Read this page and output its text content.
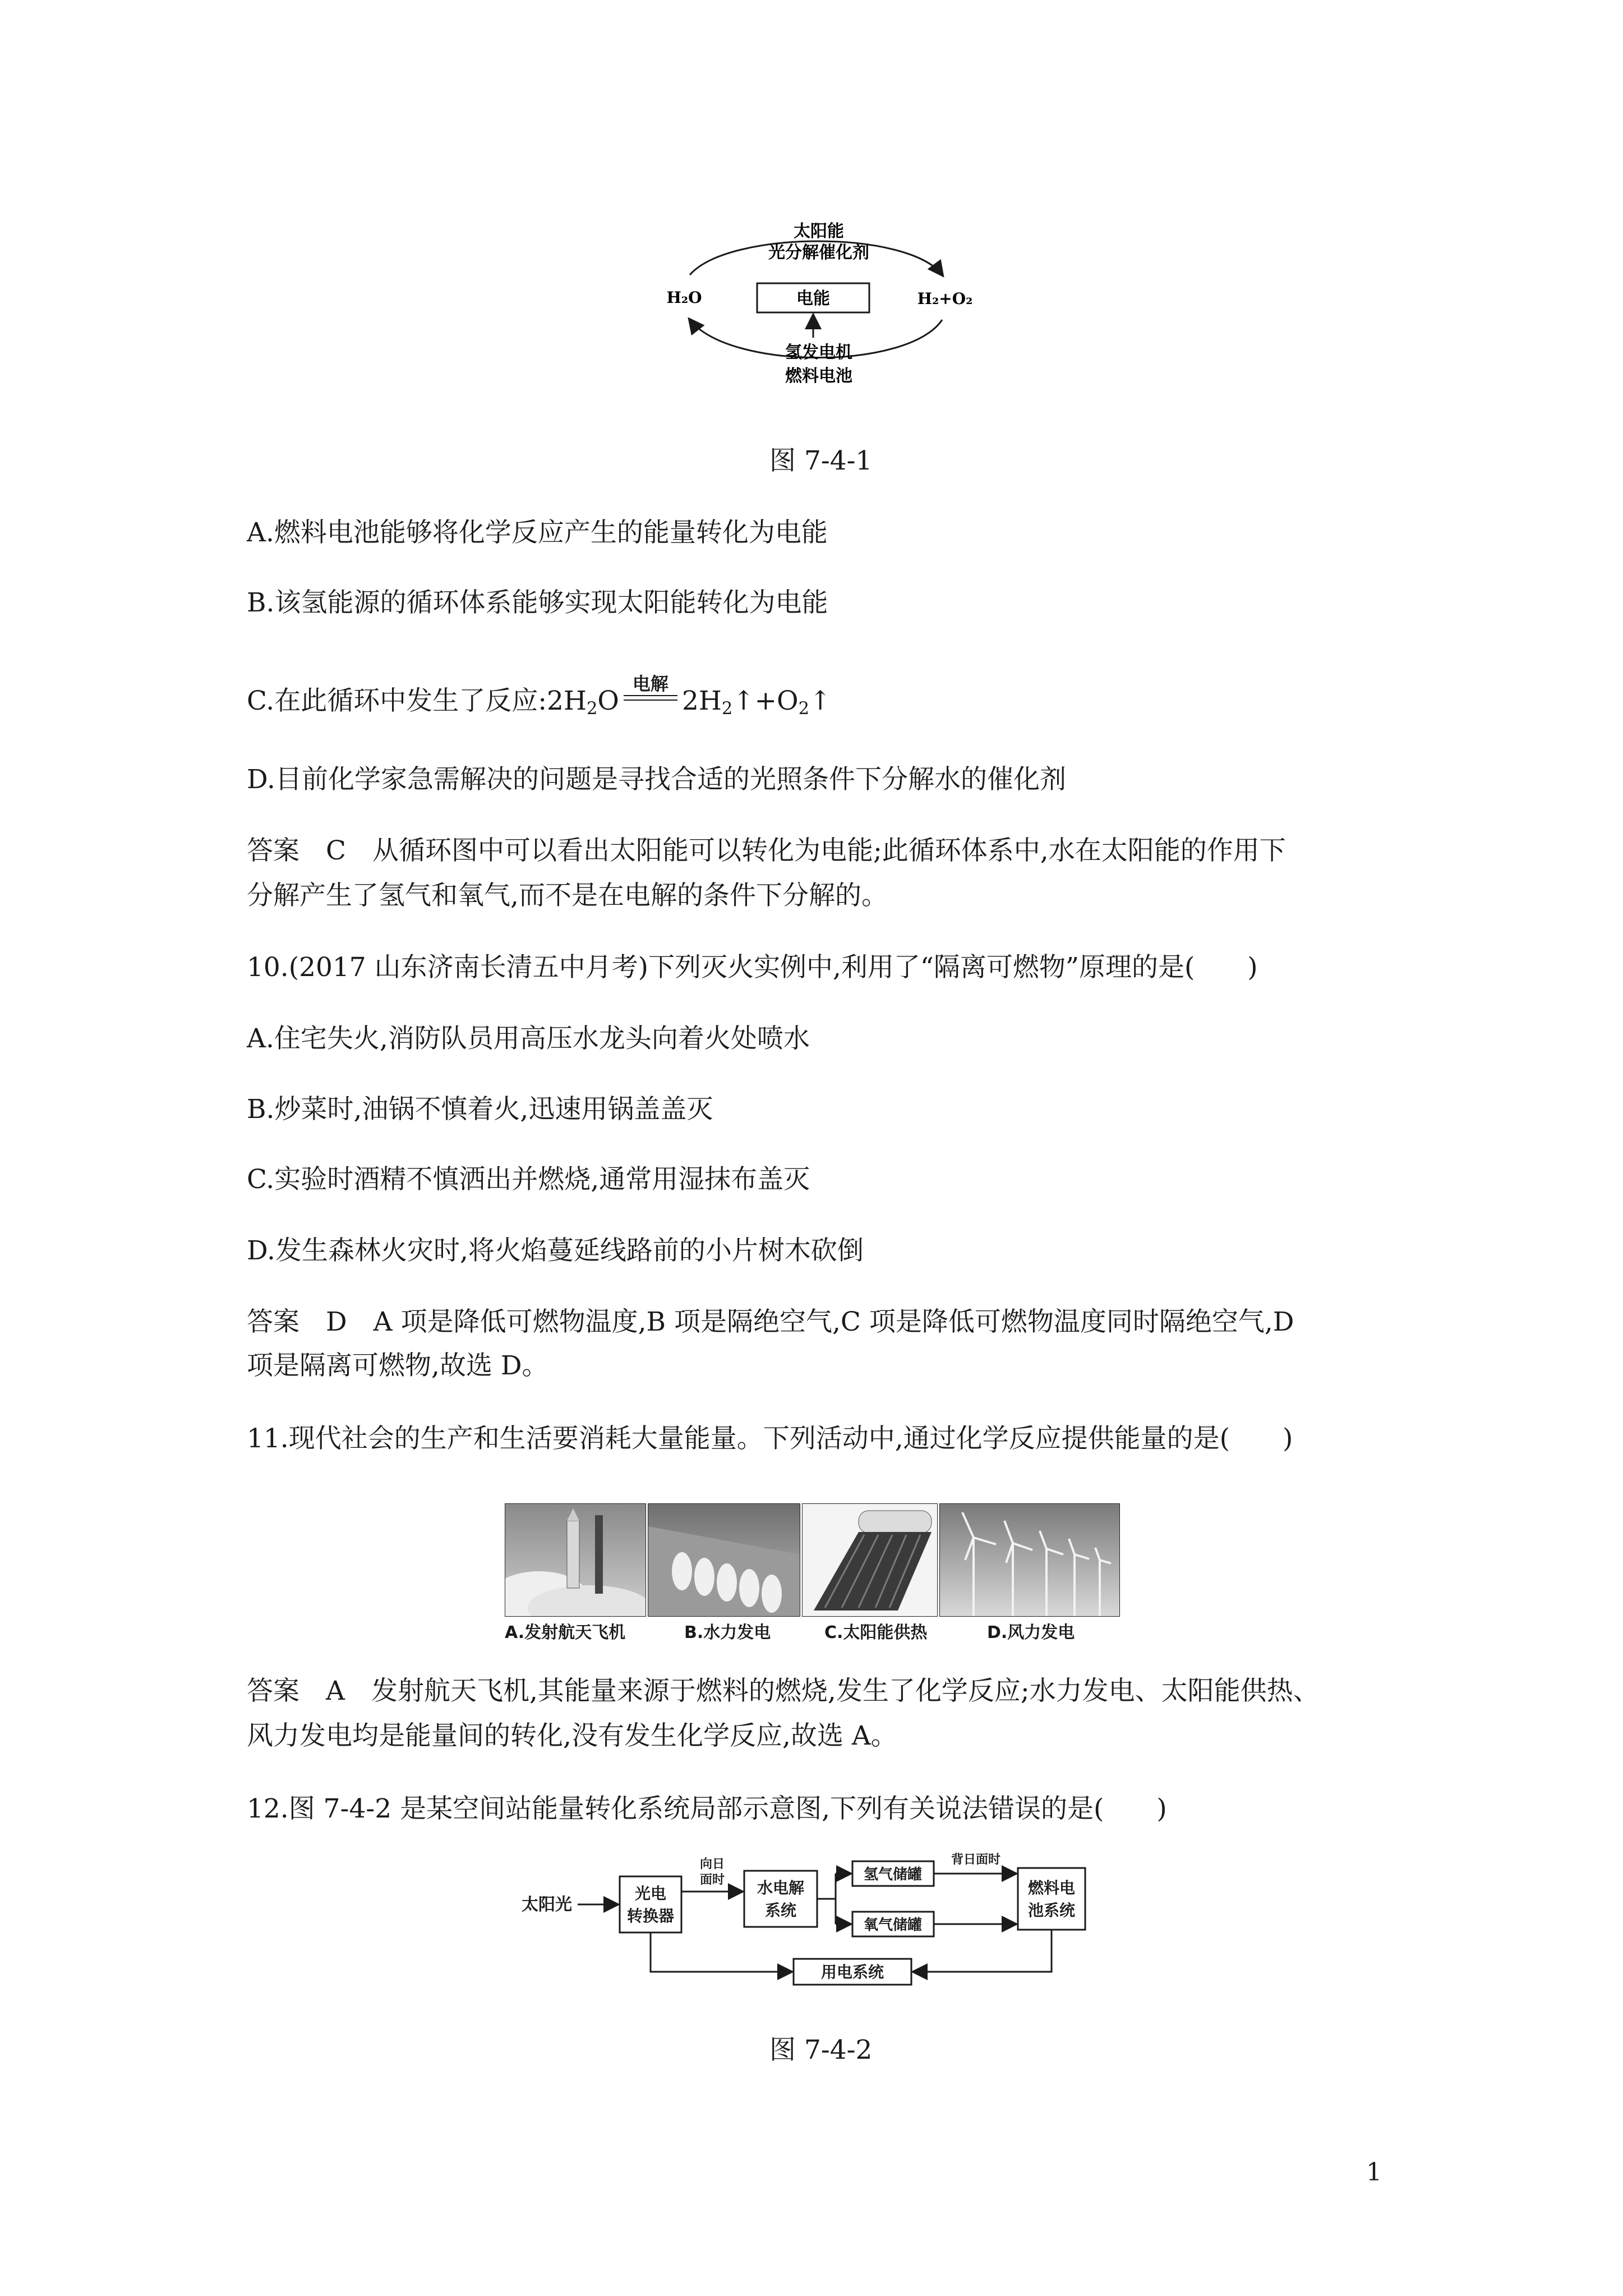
太阳能
光分解催化剂
H₂O	H₂+O₂
电能
氢发电机
燃料电池
图 7-4-1
A.燃料电池能够将化学反应产生的能量转化为电能
B.该氢能源的循环体系能够实现太阳能转化为电能
C.在此循环中发生了反应$:2H_2O$
电解
$2H_2↑+O_2↑$
D.目前化学家急需解决的问题是寻找合适的光照条件下分解水的催化剂
答案　C　从循环图中可以看出太阳能可以转化为电能;此循环体系中,水在太阳能的作用下
分解产生了氢气和氧气,而不是在电解的条件下分解的。
10.(2017 山东济南长清五中月考)下列灭火实例中,利用了“隔离可燃物”原理的是(　　)
A.住宅失火,消防队员用高压水龙头向着火处喷水
B.炒菜时,油锅不慎着火,迅速用锅盖盖灭
C.实验时酒精不慎洒出并燃烧,通常用湿抹布盖灭
D.发生森林火灾时,将火焰蔓延线路前的小片树木砍倒
答案　D　A 项是降低可燃物温度,B 项是隔绝空气,C 项是降低可燃物温度同时隔绝空气,D
项是隔离可燃物,故选 D。
11.现代社会的生产和生活要消耗大量能量。下列活动中,通过化学反应提供能量的是(　　)
A.发射航天飞机	B.水力发电	C.太阳能供热	D.风力发电
答案　A　发射航天飞机,其能量来源于燃料的燃烧,发生了化学反应;水力发电、太阳能供热、
风力发电均是能量间的转化,没有发生化学反应,故选 A。
12.图 7-4-2 是某空间站能量转化系统局部示意图,下列有关说法错误的是(　　)
太阳光
光电
转换器
向日
面时 水电解
系统
氢气储罐
氧气储罐
背日面时
燃料电
池系统
用电系统
图 7-4-2
1
